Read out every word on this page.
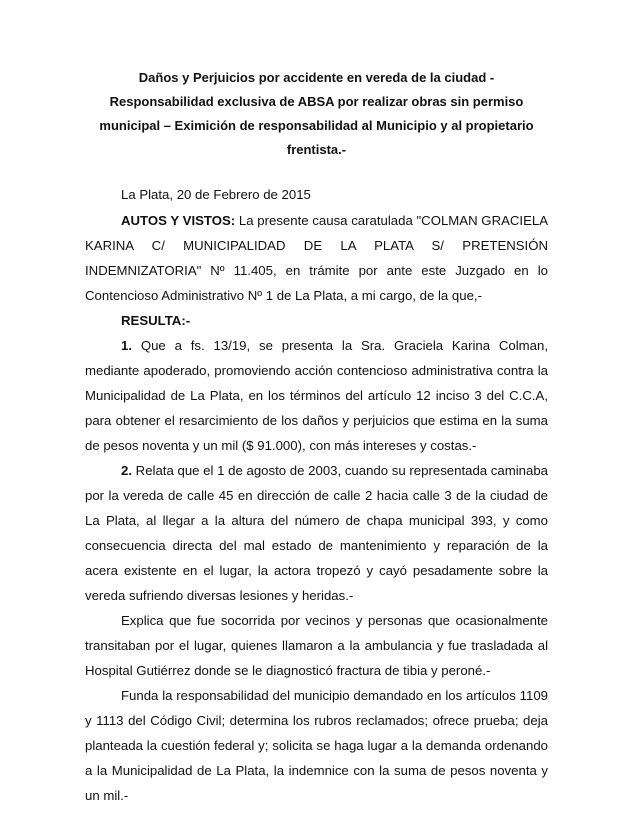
Daños y Perjuicios por accidente en vereda de la ciudad -
Responsabilidad exclusiva de ABSA por realizar obras sin permiso
municipal – Eximición de responsabilidad al Municipio y al propietario
frentista.-

La Plata, 20 de Febrero de 2015

AUTOS Y VISTOS: La presente causa caratulada "COLMAN GRACIELA KARINA C/ MUNICIPALIDAD DE LA PLATA S/ PRETENSIÓN INDEMNIZATORIA" Nº 11.405, en trámite por ante este Juzgado en lo Contencioso Administrativo Nº 1 de La Plata, a mi cargo, de la que,-

RESULTA:-

1. Que a fs. 13/19, se presenta la Sra. Graciela Karina Colman, mediante apoderado, promoviendo acción contencioso administrativa contra la Municipalidad de La Plata, en los términos del artículo 12 inciso 3 del C.C.A, para obtener el resarcimiento de los daños y perjuicios que estima en la suma de pesos noventa y un mil ($ 91.000), con más intereses y costas.-

2. Relata que el 1 de agosto de 2003, cuando su representada caminaba por la vereda de calle 45 en dirección de calle 2 hacia calle 3 de la ciudad de La Plata, al llegar a la altura del número de chapa municipal 393, y como consecuencia directa del mal estado de mantenimiento y reparación de la acera existente en el lugar, la actora tropezó y cayó pesadamente sobre la vereda sufriendo diversas lesiones y heridas.-

Explica que fue socorrida por vecinos y personas que ocasionalmente transitaban por el lugar, quienes llamaron a la ambulancia y fue trasladada al Hospital Gutiérrez donde se le diagnosticó fractura de tibia y peroné.-

Funda la responsabilidad del municipio demandado en los artículos 1109 y 1113 del Código Civil; determina los rubros reclamados; ofrece prueba; deja planteada la cuestión federal y; solicita se haga lugar a la demanda ordenando a la Municipalidad de La Plata, la indemnice con la suma de pesos noventa y un mil.-
